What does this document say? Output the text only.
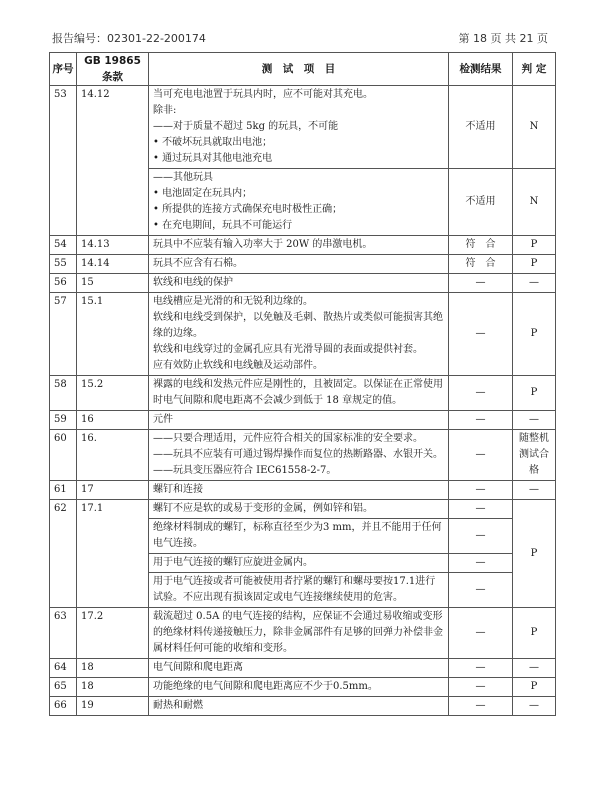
报告编号：02301-22-200174	第 18 页 共 21 页
序号	GB 19865 条款	测　试　项　目	检测结果	判 定
53	14.12	当可充电电池置于玩具内时，应不可能对其充电。

除非:

——对于质量不超过 5kg 的玩具，不可能

• 不破坏玩具就取出电池；

• 通过玩具对其他电池充电	不适用	N

		——其他玩具

• 电池固定在玩具内；

• 所提供的连接方式确保充电时极性正确；

• 在充电期间，玩具不可能运行	不适用	N
54	14.13	玩具中不应装有输入功率大于 20W 的串激电机。	符　合	P
55	14.14	玩具不应含有石棉。	符　合	P
56	15	软线和电线的保护	—	—
57	15.1	电线槽应是光滑的和无锐利边缘的。

软线和电线受到保护，以免触及毛刺、散热片或类似可能损害其绝缘的边缘。

软线和电线穿过的金属孔应具有光滑导圆的表面或提供衬套。

应有效防止软线和电线触及运动部件。	—	P
58	15.2	裸露的电线和发热元件应是刚性的，且被固定。以保证在正常使用时电气间隙和爬电距离不会减少到低于 18 章规定的值。	—	P
59	16	元件	—	—
60	16.	——只要合理适用，元件应符合相关的国家标准的安全要求。

——玩具不应装有可通过锡焊操作而复位的热断路器、水银开关。

——玩具变压器应符合 IEC61558-2-7。	—	随整机测试合格
61	17	螺钉和连接	—	—
62	17.1	螺钉不应是软的或易于变形的金属，例如锌和铝。	—	P

		绝缘材料制成的螺钉，标称直径至少为3 mm，并且不能用于任何电气连接。	—	

		用于电气连接的螺钉应旋进金属内。	—	

		用于电气连接或者可能被使用者拧紧的螺钉和螺母要按17.1进行试验。不应出现有损该固定或电气连接继续使用的危害。	—	
63	17.2	载流超过 0.5A 的电气连接的结构，应保证不会通过易收缩或变形的绝缘材料传递接触压力，除非金属部件有足够的回弹力补偿非金属材料任何可能的收缩和变形。	—	P
64	18	电气间隙和爬电距离	—	—
65	18	功能绝缘的电气间隙和爬电距离应不少于0.5mm。	—	P
66	19	耐热和耐燃	—	—
